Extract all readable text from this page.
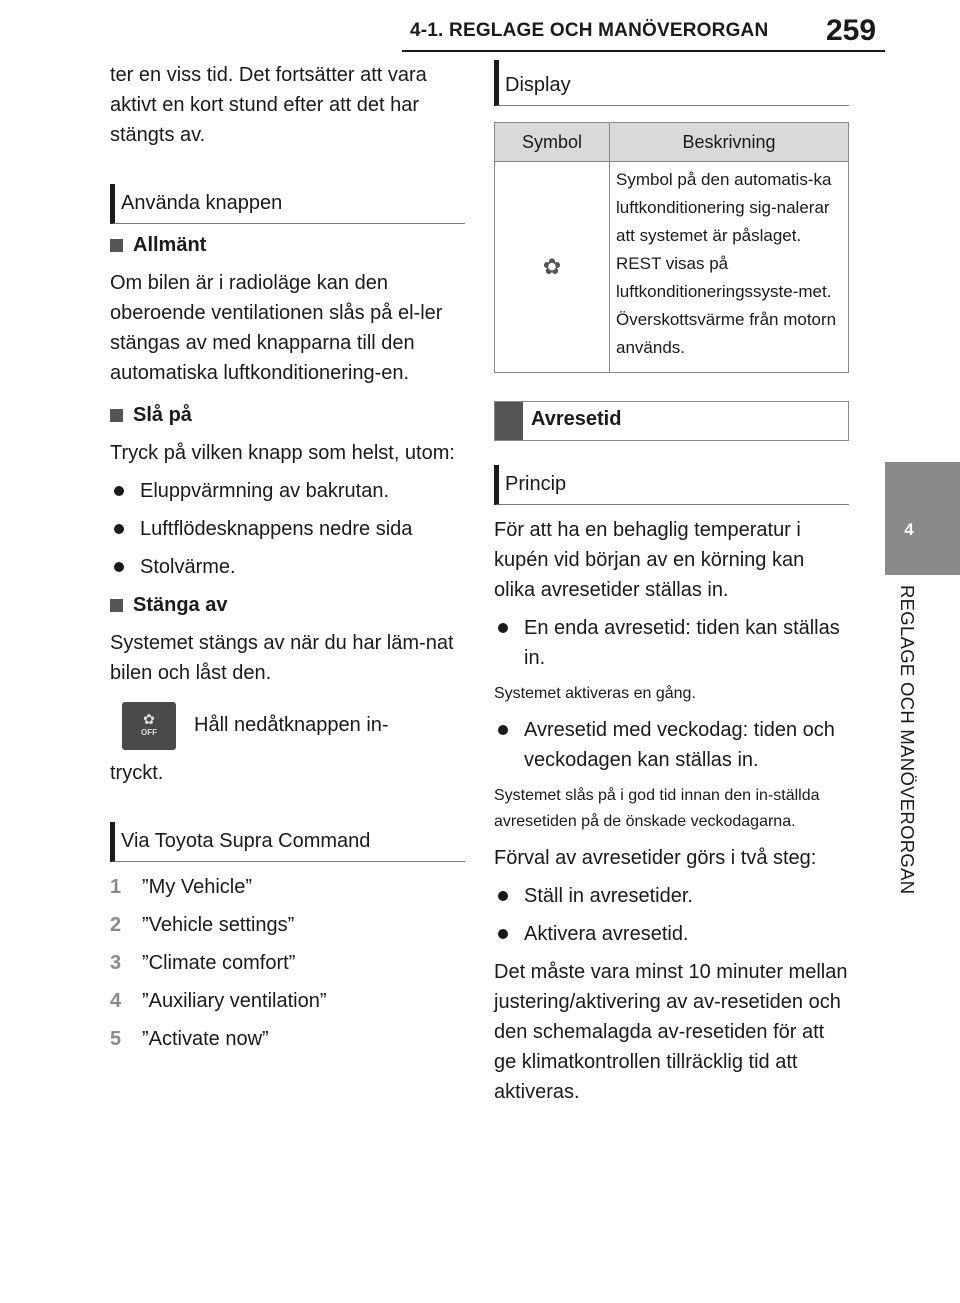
4-1. REGLAGE OCH MANÖVERORGAN 259
4
REGLAGE OCH MANÖVERORGAN

ter en viss tid. Det fortsätter att vara aktivt en kort stund efter att det har stängts av.

Använda knappen
Allmänt

Om bilen är i radioläge kan den oberoende ventilationen slås på el-ler stängas av med knapparna till den automatiska luftkonditionering-en.

Slå på

Tryck på vilken knapp som helst, utom:

Eluppvärmning av bakrutan.
Luftflödesknappens nedre sida
Stolvärme.
Stänga av

Systemet stängs av när du har läm-nat bilen och låst den.

✿
OFF	Håll nedåtknappen in-

tryckt.

Via Toyota Supra Command
1	”My Vehicle”
2	”Vehicle settings”
3	”Climate comfort”
4	”Auxiliary ventilation”
5	”Activate now”
Display
Symbol	Beskrivning
✿	Symbol på den automatis-ka luftkonditionering sig-nalerar att systemet är påslaget. REST visas på luftkonditioneringssyste-met. Överskottsvärme från motorn används.
Avresetid
Princip

För att ha en behaglig temperatur i kupén vid början av en körning kan olika avresetider ställas in.

En enda avresetid: tiden kan ställas in.

Systemet aktiveras en gång.

Avresetid med veckodag: tiden och veckodagen kan ställas in.

Systemet slås på i god tid innan den in-ställda avresetiden på de önskade veckodagarna.

Förval av avresetider görs i två steg:

Ställ in avresetider.
Aktivera avresetid.

Det måste vara minst 10 minuter mellan justering/aktivering av av-resetiden och den schemalagda av-resetiden för att ge klimatkontrollen tillräcklig tid att aktiveras.
